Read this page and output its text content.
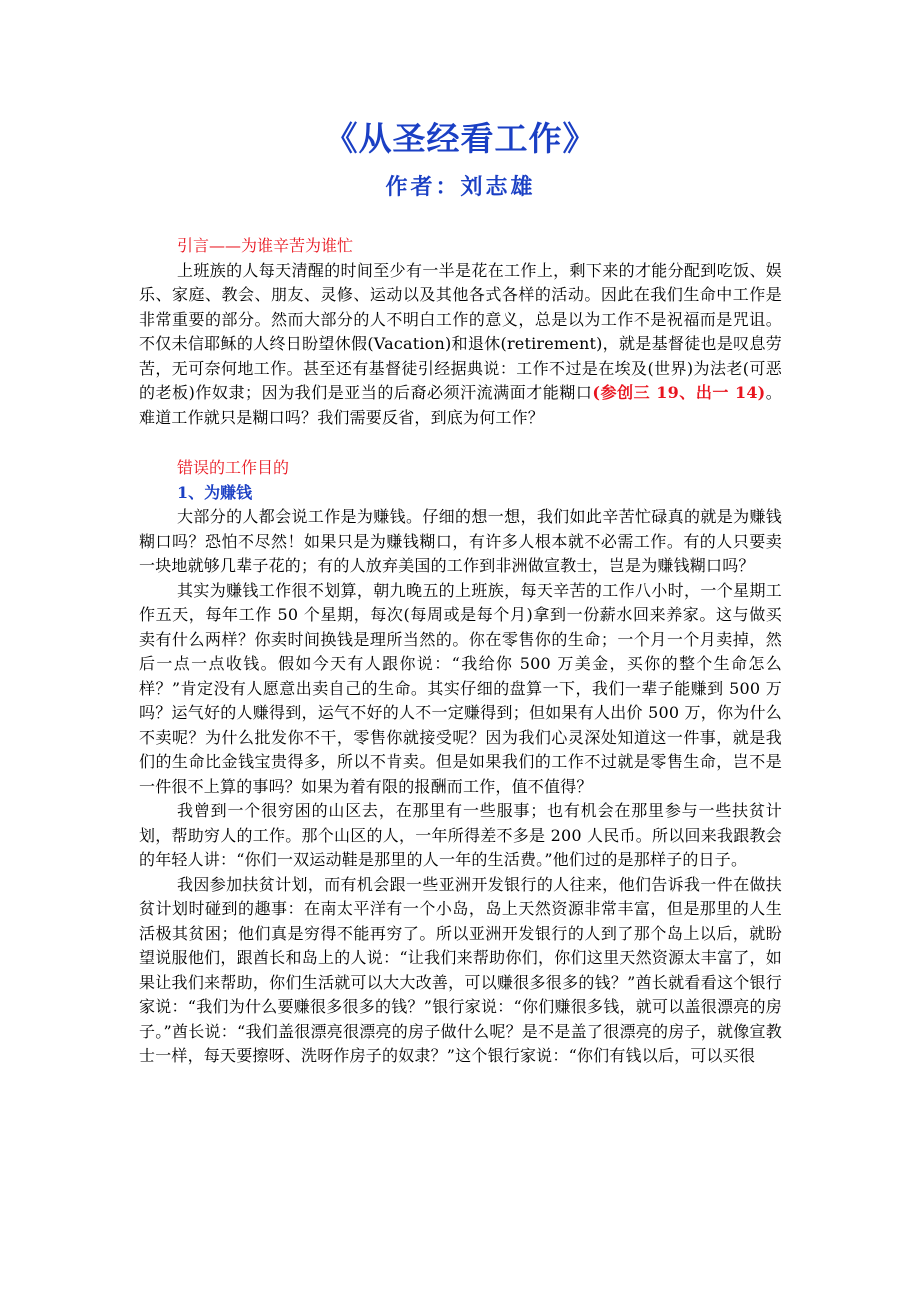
《从圣经看工作》
作者：刘志雄

引言——为谁辛苦为谁忙

上班族的人每天清醒的时间至少有一半是花在工作上，剩下来的才能分配到吃饭、娱乐、家庭、教会、朋友、灵修、运动以及其他各式各样的活动。因此在我们生命中工作是非常重要的部分。然而大部分的人不明白工作的意义，总是以为工作不是祝福而是咒诅。不仅未信耶稣的人终日盼望休假(Vacation)和退休(retirement)，就是基督徒也是叹息劳苦，无可奈何地工作。甚至还有基督徒引经据典说：工作不过是在埃及(世界)为法老(可恶的老板)作奴隶；因为我们是亚当的后裔必须汗流满面才能糊口(参创三 19、出一 14)。难道工作就只是糊口吗？我们需要反省，到底为何工作？

错误的工作目的

1、为赚钱

大部分的人都会说工作是为赚钱。仔细的想一想，我们如此辛苦忙碌真的就是为赚钱糊口吗？恐怕不尽然！如果只是为赚钱糊口，有许多人根本就不必需工作。有的人只要卖一块地就够几辈子花的；有的人放弃美国的工作到非洲做宣教士，岂是为赚钱糊口吗？

其实为赚钱工作很不划算，朝九晚五的上班族，每天辛苦的工作八小时，一个星期工作五天，每年工作 50 个星期，每次(每周或是每个月)拿到一份薪水回来养家。这与做买卖有什么两样？你卖时间换钱是理所当然的。你在零售你的生命；一个月一个月卖掉，然后一点一点收钱。假如今天有人跟你说：“我给你 500 万美金，买你的整个生命怎么样？”肯定没有人愿意出卖自己的生命。其实仔细的盘算一下，我们一辈子能赚到 500 万吗？运气好的人赚得到，运气不好的人不一定赚得到；但如果有人出价 500 万，你为什么不卖呢？为什么批发你不干，零售你就接受呢？因为我们心灵深处知道这一件事，就是我们的生命比金钱宝贵得多，所以不肯卖。但是如果我们的工作不过就是零售生命，岂不是一件很不上算的事吗？如果为着有限的报酬而工作，值不值得？

我曾到一个很穷困的山区去，在那里有一些服事；也有机会在那里参与一些扶贫计划，帮助穷人的工作。那个山区的人，一年所得差不多是 200 人民币。所以回来我跟教会的年轻人讲：“你们一双运动鞋是那里的人一年的生活费。”他们过的是那样子的日子。

我因参加扶贫计划，而有机会跟一些亚洲开发银行的人往来，他们告诉我一件在做扶贫计划时碰到的趣事：在南太平洋有一个小岛，岛上天然资源非常丰富，但是那里的人生活极其贫困；他们真是穷得不能再穷了。所以亚洲开发银行的人到了那个岛上以后，就盼望说服他们，跟酋长和岛上的人说：“让我们来帮助你们，你们这里天然资源太丰富了，如果让我们来帮助，你们生活就可以大大改善，可以赚很多很多的钱？”酋长就看看这个银行家说：“我们为什么要赚很多很多的钱？”银行家说：“你们赚很多钱，就可以盖很漂亮的房子。”酋长说：“我们盖很漂亮很漂亮的房子做什么呢？是不是盖了很漂亮的房子，就像宣教士一样，每天要擦呀、洗呀作房子的奴隶？”这个银行家说：“你们有钱以后，可以买很
